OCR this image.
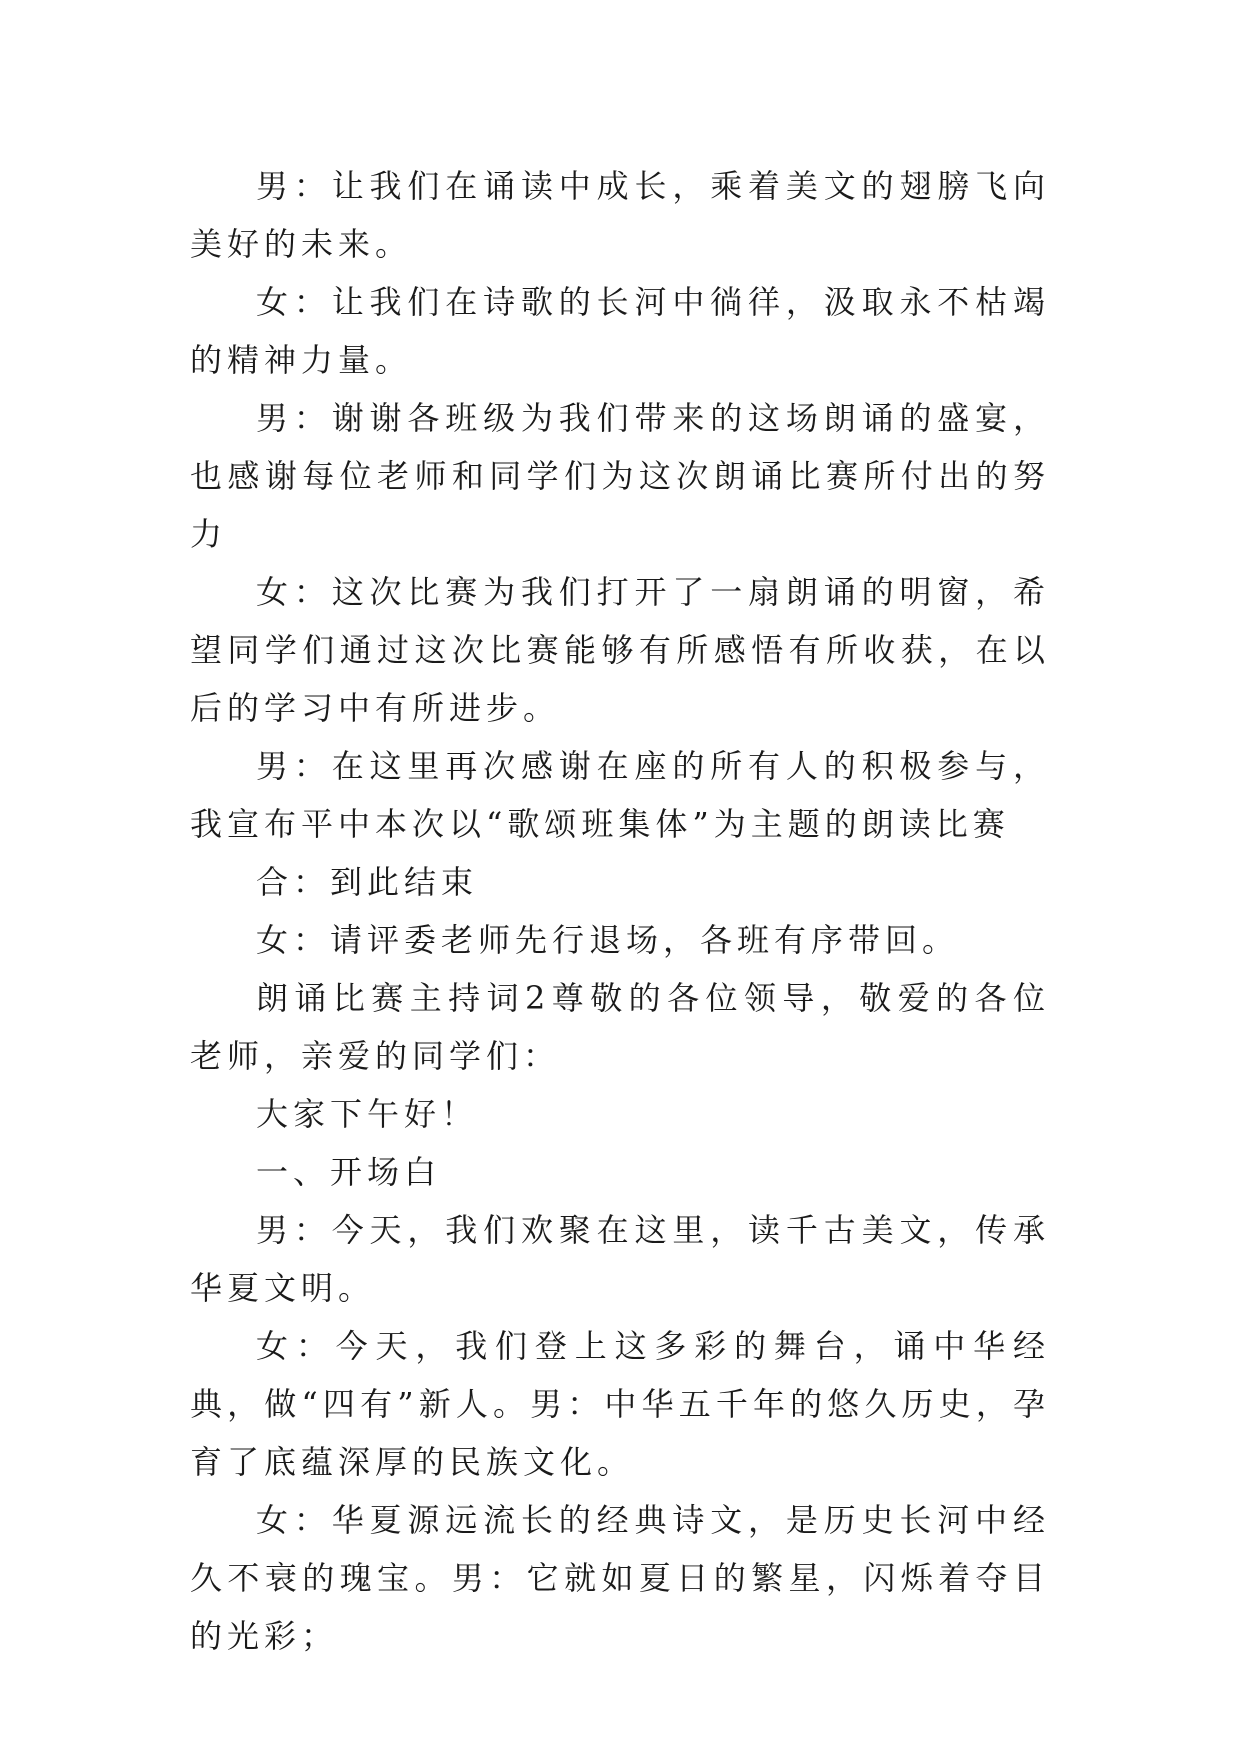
男：让我们在诵读中成长，乘着美文的翅膀飞向美好的未来。

女：让我们在诗歌的长河中徜徉，汲取永不枯竭的精神力量。

男：谢谢各班级为我们带来的这场朗诵的盛宴，也感谢每位老师和同学们为这次朗诵比赛所付出的努力

女：这次比赛为我们打开了一扇朗诵的明窗，希望同学们通过这次比赛能够有所感悟有所收获，在以后的学习中有所进步。

男：在这里再次感谢在座的所有人的积极参与，我宣布平中本次以“歌颂班集体”为主题的朗读比赛

合：到此结束

女：请评委老师先行退场，各班有序带回。

朗诵比赛主持词2尊敬的各位领导，敬爱的各位老师，亲爱的同学们：

大家下午好！

一、开场白

男：今天，我们欢聚在这里，读千古美文，传承华夏文明。

女：今天，我们登上这多彩的舞台，诵中华经典，做“四有”新人。男：中华五千年的悠久历史，孕育了底蕴深厚的民族文化。

女：华夏源远流长的经典诗文，是历史长河中经久不衰的瑰宝。男：它就如夏日的繁星，闪烁着夺目的光彩；
